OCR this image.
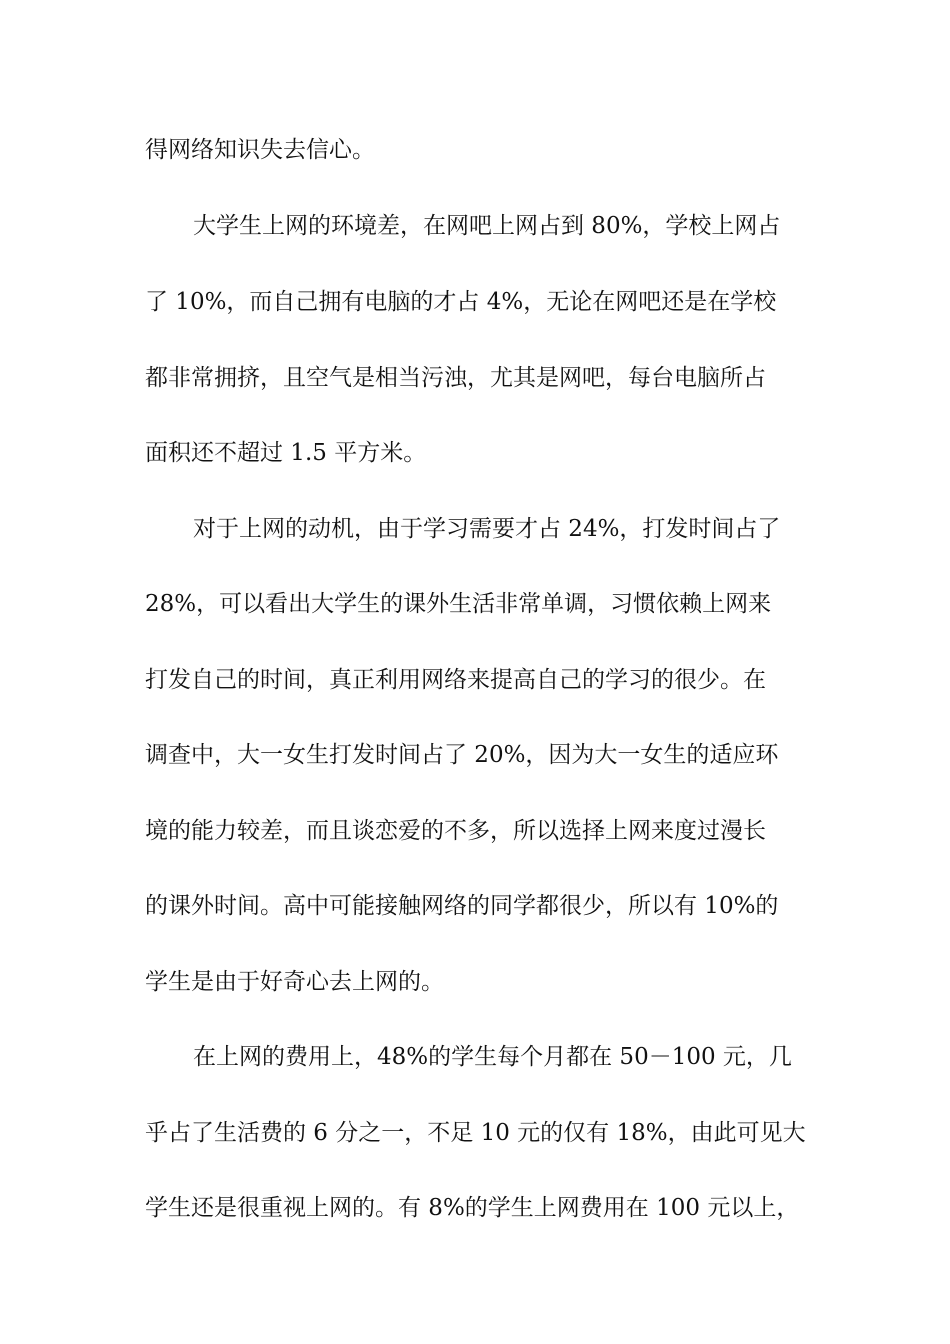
得网络知识失去信心。
大学生上网的环境差，在网吧上网占到 80%，学校上网占
了 10%，而自己拥有电脑的才占 4%，无论在网吧还是在学校
都非常拥挤，且空气是相当污浊，尤其是网吧，每台电脑所占
面积还不超过 1.5 平方米。
对于上网的动机，由于学习需要才占 24%，打发时间占了
28%，可以看出大学生的课外生活非常单调，习惯依赖上网来
打发自己的时间，真正利用网络来提高自己的学习的很少。在
调查中，大一女生打发时间占了 20%，因为大一女生的适应环
境的能力较差，而且谈恋爱的不多，所以选择上网来度过漫长
的课外时间。高中可能接触网络的同学都很少，所以有 10%的
学生是由于好奇心去上网的。
在上网的费用上，48%的学生每个月都在 50－100 元，几
乎占了生活费的 6 分之一，不足 10 元的仅有 18%，由此可见大
学生还是很重视上网的。有 8%的学生上网费用在 100 元以上，
